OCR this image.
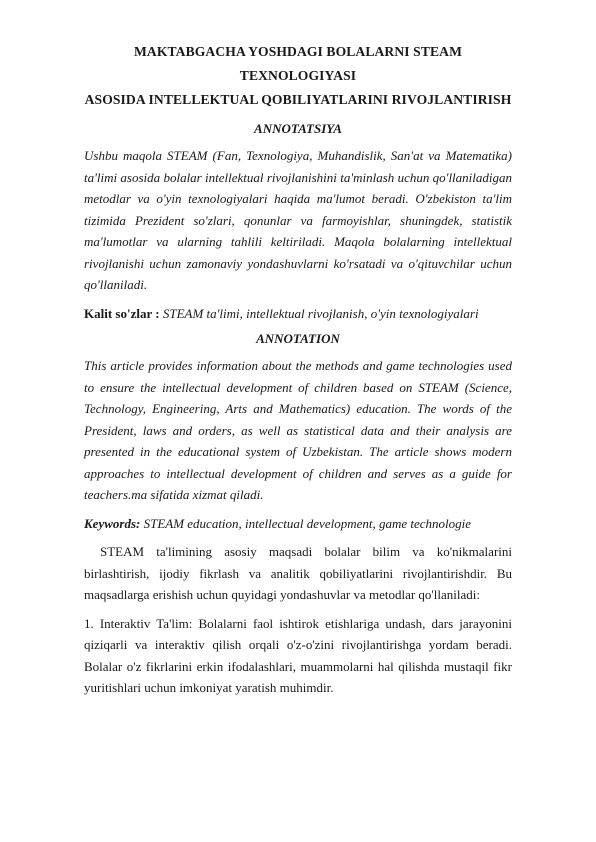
MAKTABGACHA YOSHDAGI BOLALARNI STEAM TEXNOLOGIYASI

ASOSIDA INTELLEKTUAL QOBILIYATLARINI RIVOJLANTIRISH

ANNOTATSIYA

Ushbu maqola STEAM (Fan, Texnologiya, Muhandislik, San'at va Matematika) ta'limi asosida bolalar intellektual rivojlanishini ta'minlash uchun qo'llaniladigan metodlar va o'yin texnologiyalari haqida ma'lumot beradi. O'zbekiston ta'lim tizimida Prezident so'zlari, qonunlar va farmoyishlar, shuningdek, statistik ma'lumotlar va ularning tahlili keltiriladi. Maqola bolalarning intellektual rivojlanishi uchun zamonaviy yondashuvlarni ko'rsatadi va o'qituvchilar uchun qo'llaniladi.

Kalit so'zlar : STEAM ta'limi, intellektual rivojlanish, o'yin texnologiyalari

ANNOTATION

This article provides information about the methods and game technologies used to ensure the intellectual development of children based on STEAM (Science, Technology, Engineering, Arts and Mathematics) education. The words of the President, laws and orders, as well as statistical data and their analysis are presented in the educational system of Uzbekistan. The article shows modern approaches to intellectual development of children and serves as a guide for teachers.ma sifatida xizmat qiladi.

Keywords: STEAM education, intellectual development, game technologie

STEAM ta'limining asosiy maqsadi bolalar bilim va ko'nikmalarini birlashtirish, ijodiy fikrlash va analitik qobiliyatlarini rivojlantirishdir. Bu maqsadlarga erishish uchun quyidagi yondashuvlar va metodlar qo'llaniladi:

1. Interaktiv Ta'lim: Bolalarni faol ishtirok etishlariga undash, dars jarayonini qiziqarli va interaktiv qilish orqali o'z-o'zini rivojlantirishga yordam beradi. Bolalar o'z fikrlarini erkin ifodalashlari, muammolarni hal qilishda mustaqil fikr yuritishlari uchun imkoniyat yaratish muhimdir.
